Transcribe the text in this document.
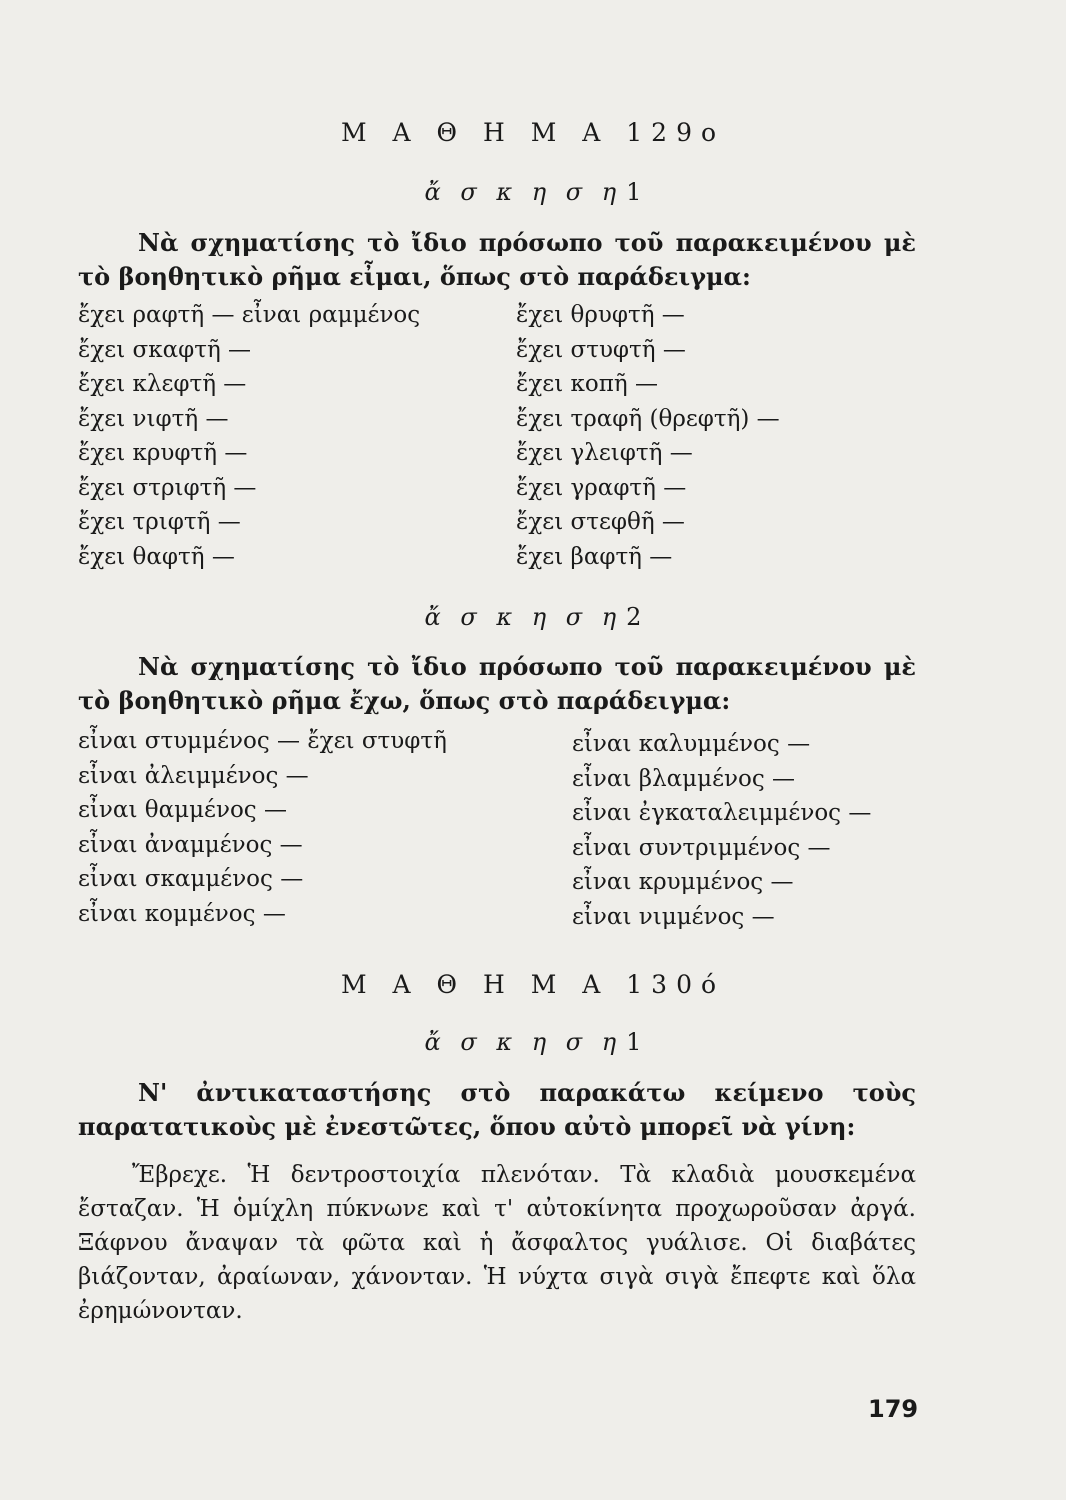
Μ Α Θ Η Μ Α 129ο
ἄ σ κ η σ η 1
Νὰ σχηματίσης τὸ ἴδιο πρόσωπο τοῦ παρακειμένου μὲ τὸ βοηθητικὸ ρῆμα εἶμαι, ὅπως στὸ παράδειγμα:
ἔχει ραφτῆ — εἶναι ραμμένος
ἔχει σκαφτῆ —
ἔχει κλεφτῆ —
ἔχει νιφτῆ —
ἔχει κρυφτῆ —
ἔχει στριφτῆ —
ἔχει τριφτῆ —
ἔχει θαφτῆ —
ἔχει θρυφτῆ —
ἔχει στυφτῆ —
ἔχει κοπῆ —
ἔχει τραφῆ (θρεφτῆ) —
ἔχει γλειφτῆ —
ἔχει γραφτῆ —
ἔχει στεφθῆ —
ἔχει βαφτῆ —
ἄ σ κ η σ η 2
Νὰ σχηματίσης τὸ ἴδιο πρόσωπο τοῦ παρακειμένου μὲ τὸ βοηθητικὸ ρῆμα ἔχω, ὅπως στὸ παράδειγμα:
εἶναι στυμμένος — ἔχει στυφτῆ
εἶναι ἀλειμμένος —
εἶναι θαμμένος —
εἶναι ἀναμμένος —
εἶναι σκαμμένος —
εἶναι κομμένος —
εἶναι καλυμμένος —
εἶναι βλαμμένος —
εἶναι ἐγκαταλειμμένος —
εἶναι συντριμμένος —
εἶναι κρυμμένος —
εἶναι νιμμένος —
Μ Α Θ Η Μ Α 130ό
ἄ σ κ η σ η 1
Ν' ἀντικαταστήσης στὸ παρακάτω κείμενο τοὺς παρατατικοὺς μὲ ἐνεστῶτες, ὅπου αὐτὸ μπορεῖ νὰ γίνη:
Ἔβρεχε. Ἡ δεντροστοιχία πλενόταν. Τὰ κλαδιὰ μουσκεμένα ἔσταζαν. Ἡ ὁμίχλη πύκνωνε καὶ τ' αὐτοκίνητα προχωροῦσαν ἀργά. Ξάφνου ἄναψαν τὰ φῶτα καὶ ἡ ἄσφαλτος γυάλισε. Οἱ διαβάτες βιάζονταν, ἀραίωναν, χάνονταν. Ἡ νύχτα σιγὰ σιγὰ ἔπεφτε καὶ ὅλα ἐρημώνονταν.
179
